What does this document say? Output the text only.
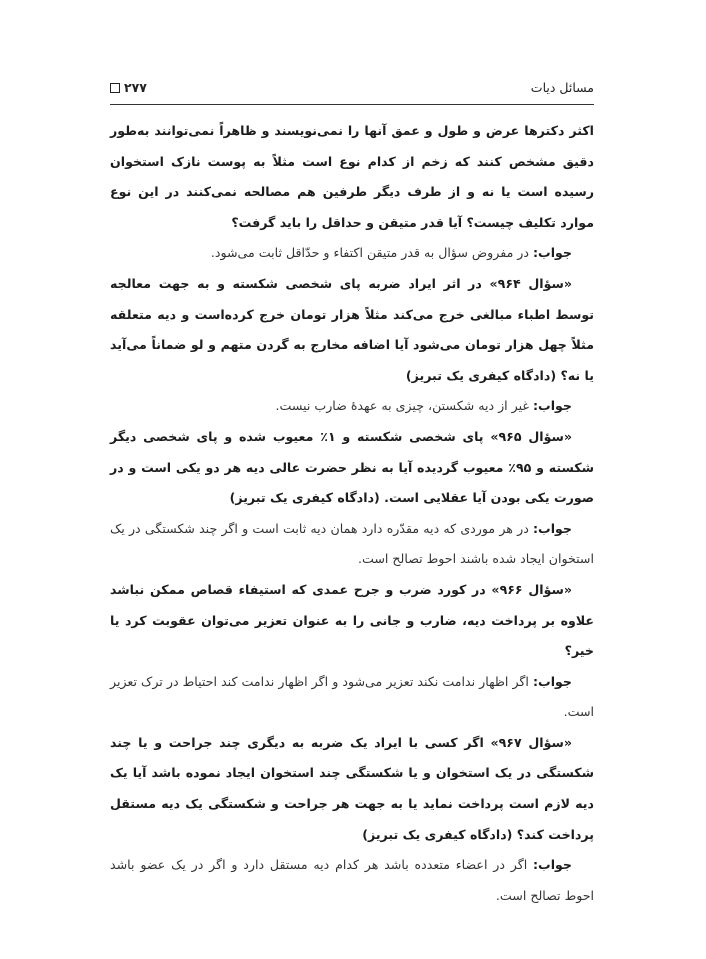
مسائل دیات
۲۷۷

اکثر دکترها عرض و طول و عمق آنها را نمی‌نویسند و ظاهراً نمی‌توانند به‌طور دقیق مشخص کنند که زخم از کدام نوع است مثلاً به پوست نازک استخوان رسیده است یا نه و از طرف دیگر طرفین هم مصالحه نمی‌کنند در این نوع موارد تکلیف چیست؟ آیا قدر متیقن و حداقل را باید گرفت؟

جواب: در مفروض سؤال به قدر متیقن اکتفاء و حدّاقل ثابت می‌شود.

«سؤال ۹۶۴» در اثر ایراد ضربه پای شخصی شکسته و به جهت معالجه توسط اطباء مبالغی خرج می‌کند مثلاً هزار تومان خرج کرده‌است و دیه متعلقه مثلاً چهل هزار تومان می‌شود آیا اضافه مخارج به گردن متهم و لو ضماناً می‌آید یا نه؟ (دادگاه کیفری یک تبریز)

جواب: غیر از دیه شکستن، چیزی به عهدهٔ ضارب نیست.

«سؤال ۹۶۵» پای شخصی شکسته و ۱٪ معیوب شده و پای شخصی دیگر شکسته و ۹۵٪ معیوب گردیده آیا به نظر حضرت عالی دیه هر دو یکی است و در صورت یکی بودن آیا عقلایی است. (دادگاه کیفری یک تبریز)

جواب: در هر موردی که دیه مقدّره دارد همان دیه ثابت است و اگر چند شکستگی در یک استخوان ایجاد شده باشند احوط تصالح است.

«سؤال ۹۶۶» در کورد ضرب و جرح عمدی که استیفاء قصاص ممکن نباشد علاوه بر پرداخت دیه، ضارب و جانی را به عنوان تعزیر می‌توان عقوبت کرد یا خیر؟

جواب: اگر اظهار ندامت نکند تعزیر می‌شود و اگر اظهار ندامت کند احتیاط در ترک تعزیر است.

«سؤال ۹۶۷» اگر کسی با ایراد یک ضربه به دیگری چند جراحت و یا چند شکستگی در یک استخوان و یا شکستگی چند استخوان ایجاد نموده باشد آیا یک دیه لازم است پرداخت نماید یا به جهت هر جراحت و شکستگی یک دیه مستقل پرداخت کند؟ (دادگاه کیفری یک تبریز)

جواب: اگر در اعضاء متعدده باشد هر کدام دیه مستقل دارد و اگر در یک عضو باشد احوط تصالح است.
